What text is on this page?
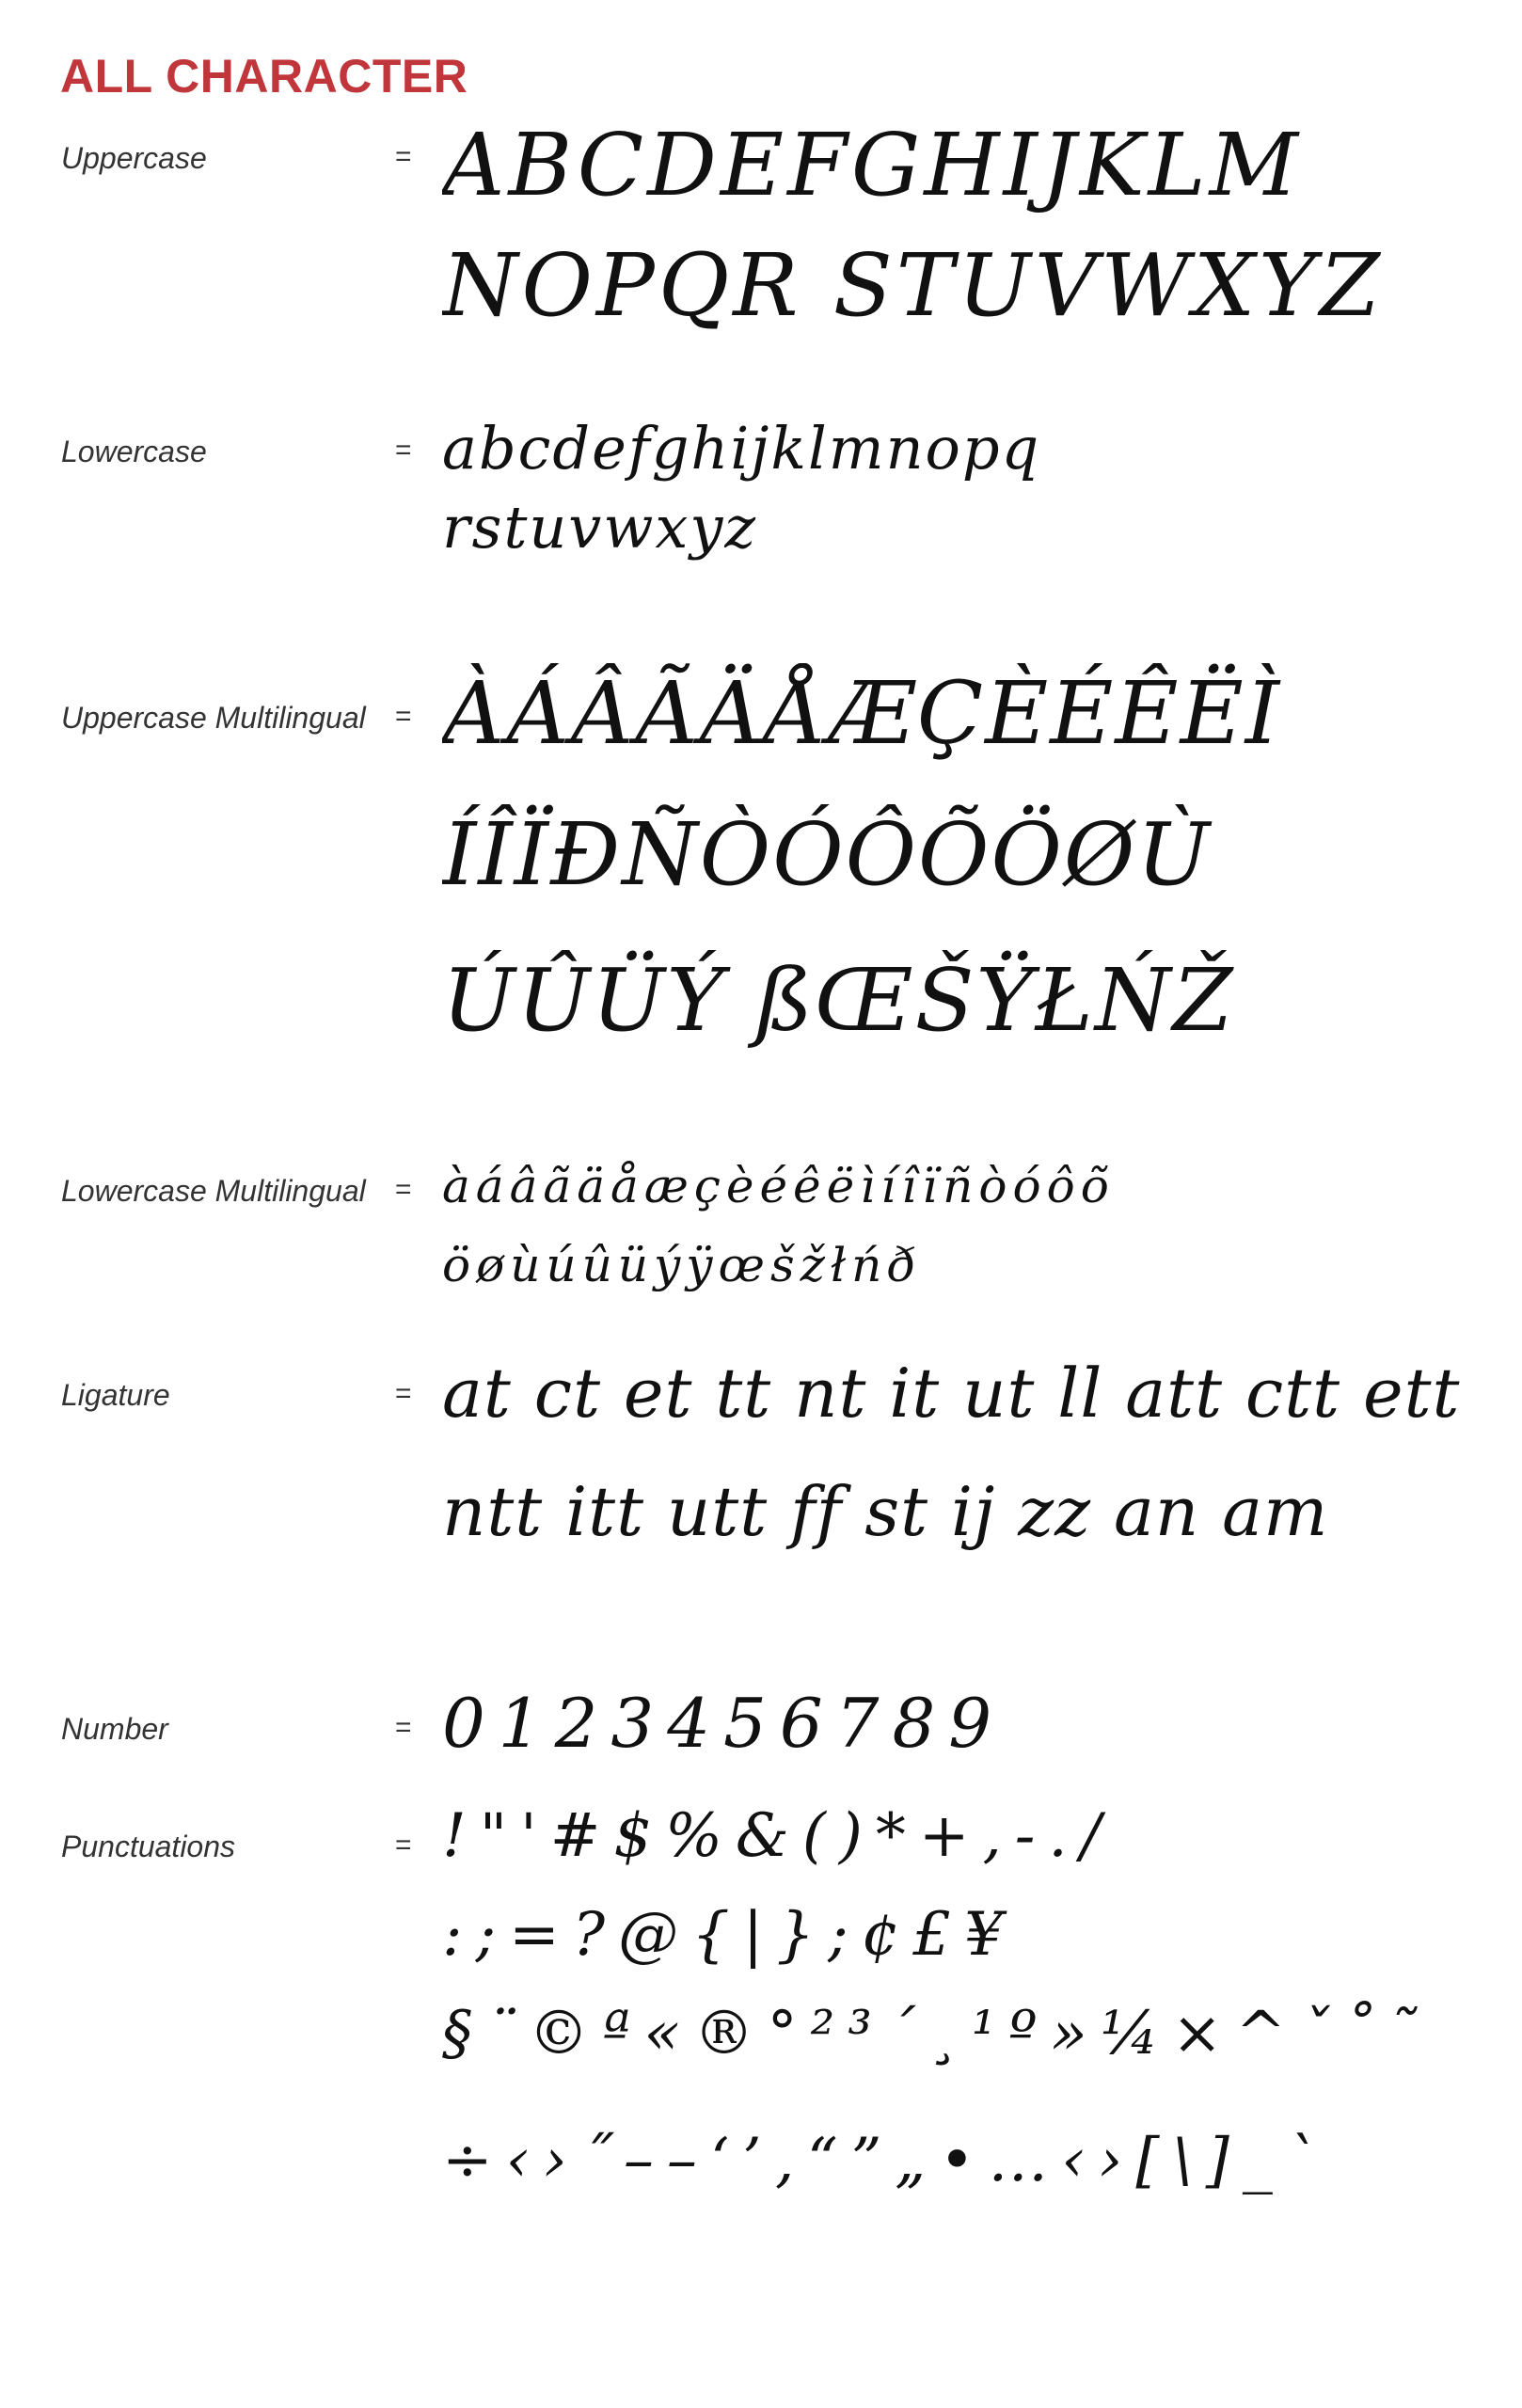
ALL CHARACTER
Uppercase	= ABCDEFGHIJKLM
NOPQR STUVWXYZ
Lowercase	= abcdefghijklmnopq
rstuvwxyz
Uppercase Multilingual = ÀÁÂÃÄÅÆÇÈÉÊËÌ
ÍÎÏÐÑÒÓÔÕÖØÙ
ÚÛÜÝ ßŒŠŸŁŃŽ
Lowercase Multilingual = àáâãäåæçèéêëìíîïñòóôõ
öøùúûüýÿœšžłńð
Ligature	= at ct et tt nt it ut ll att ctt ett
ntt itt utt ff st ij zz an am
Number	= 0123456789
Punctuations	= !"'#$%&()*+,-./
:;=?@{|};¢£¥
§¨©ª«®°²³´¸¹º»¼×^ˇ˚˜
÷‹›˝––‘’‚“”„•…‹›[\]_`
